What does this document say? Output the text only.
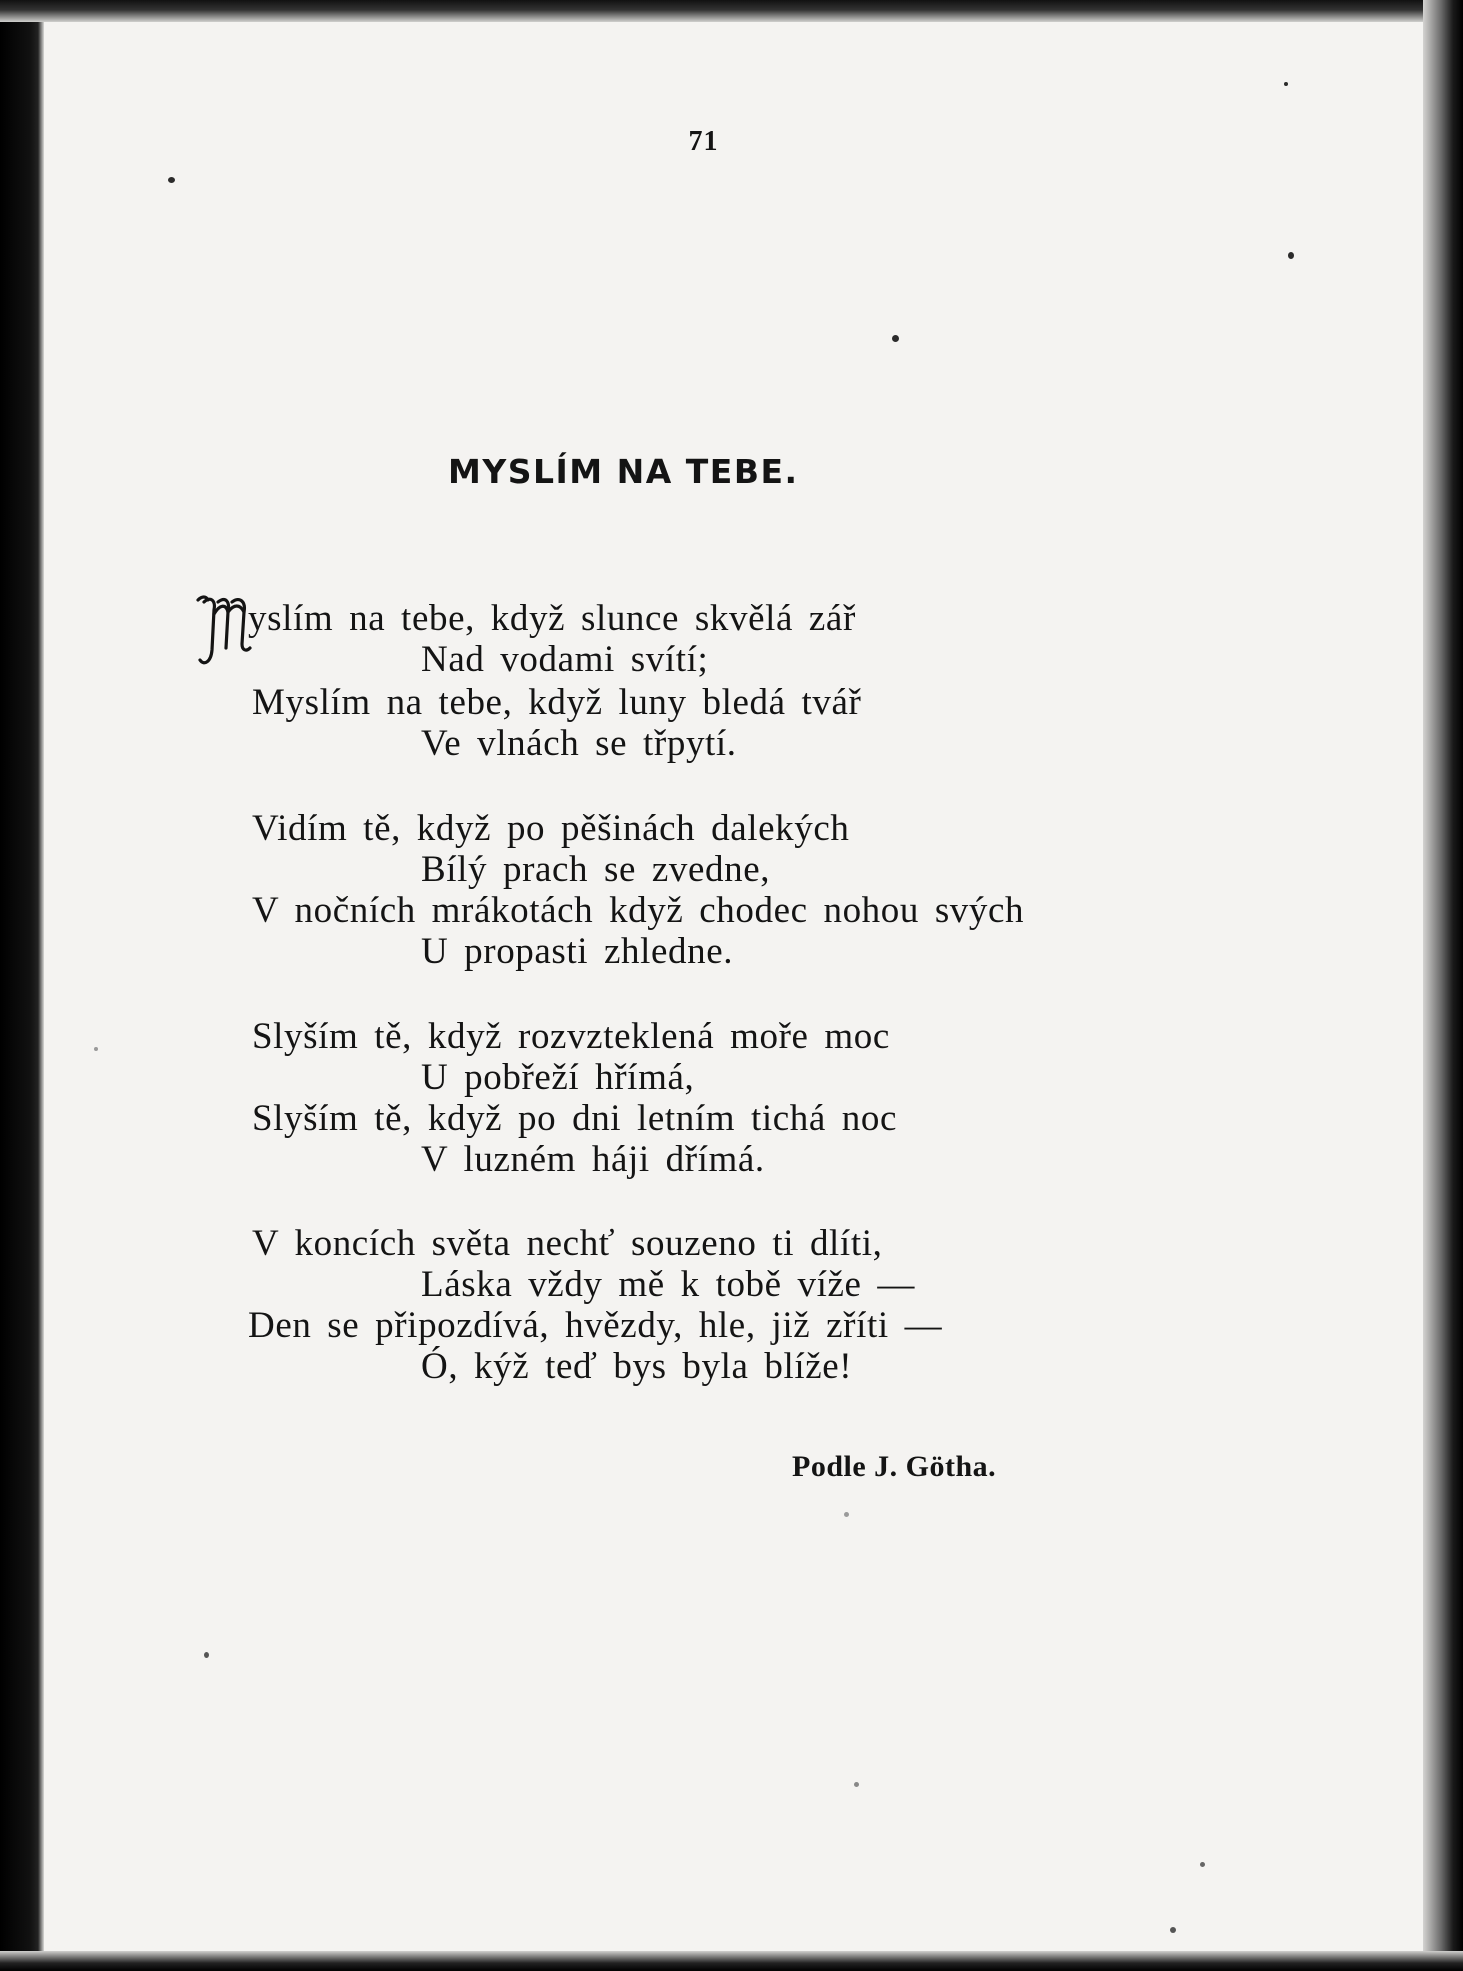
71
MYSLÍM NA TEBE.
yslím na tebe, když slunce skvělá zář
Nad vodami svítí;
Myslím na tebe, když luny bledá tvář
Ve vlnách se třpytí.
Vidím tě, když po pěšinách dalekých
Bílý prach se zvedne,
V nočních mrákotách když chodec nohou svých
U propasti zhledne.
Slyším tě, když rozvzteklená moře moc
U pobřeží hřímá,
Slyším tě, když po dni letním tichá noc
V luzném háji dřímá.
V koncích světa nechť souzeno ti dlíti,
Láska vždy mě k tobě víže —
Den se připozdívá, hvězdy, hle, již zříti —
Ó, kýž teď bys byla blíže!
Podle J. Götha.
